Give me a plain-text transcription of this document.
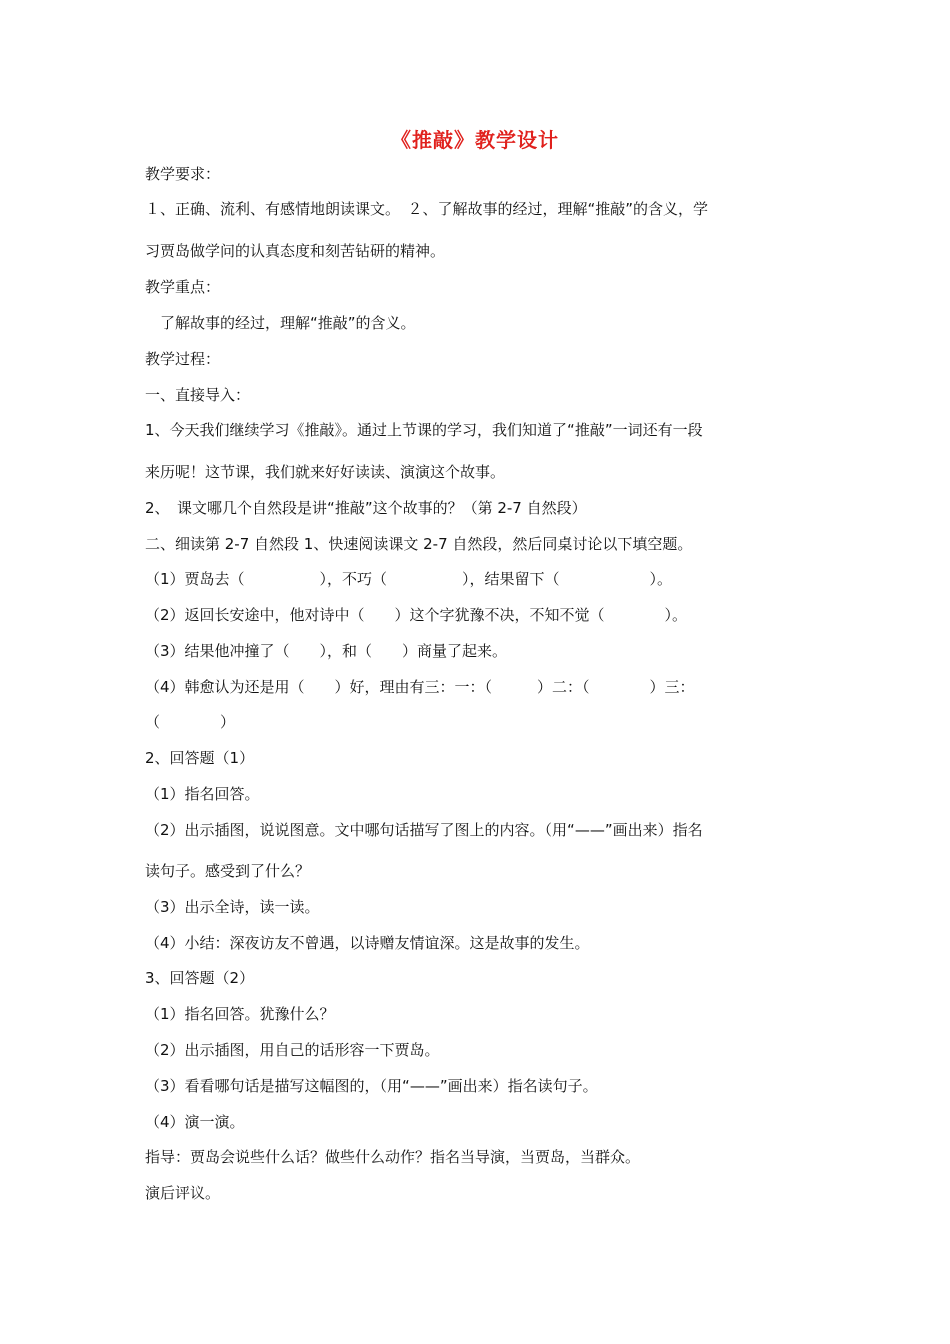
《推敲》教学设计
教学要求：
１、正确、流利、有感情地朗读课文。　２、了解故事的经过，理解“推敲”的含义，学
习贾岛做学问的认真态度和刻苦钻研的精神。
教学重点：
　了解故事的经过，理解“推敲”的含义。
教学过程：
一、直接导入：
1、今天我们继续学习《推敲》。通过上节课的学习，我们知道了“推敲”一词还有一段
来历呢！这节课，我们就来好好读读、演演这个故事。
2、　课文哪几个自然段是讲“推敲”这个故事的？（第 2-7 自然段）
二、细读第 2-7 自然段 1、快速阅读课文 2-7 自然段，然后同桌讨论以下填空题。
（1）贾岛去（　　　　　），不巧（　　　　　），结果留下（　　　　　　）。
（2）返回长安途中，他对诗中（　　）这个字犹豫不决，不知不觉（　　　　）。
（3）结果他冲撞了（　　），和（　　）商量了起来。
（4）韩愈认为还是用（　　）好，理由有三：一：（　　　）二：（　　　　）三：
（　　　　）
2、回答题（1）
（1）指名回答。
（2）出示插图，说说图意。文中哪句话描写了图上的内容。（用“——”画出来）指名
读句子。感受到了什么？
（3）出示全诗，读一读。
（4）小结：深夜访友不曾遇，以诗赠友情谊深。这是故事的发生。
3、回答题（2）
（1）指名回答。犹豫什么？
（2）出示插图，用自己的话形容一下贾岛。
（3）看看哪句话是描写这幅图的，（用“——”画出来）指名读句子。
（4）演一演。
指导：贾岛会说些什么话？做些什么动作？指名当导演，当贾岛，当群众。
演后评议。
